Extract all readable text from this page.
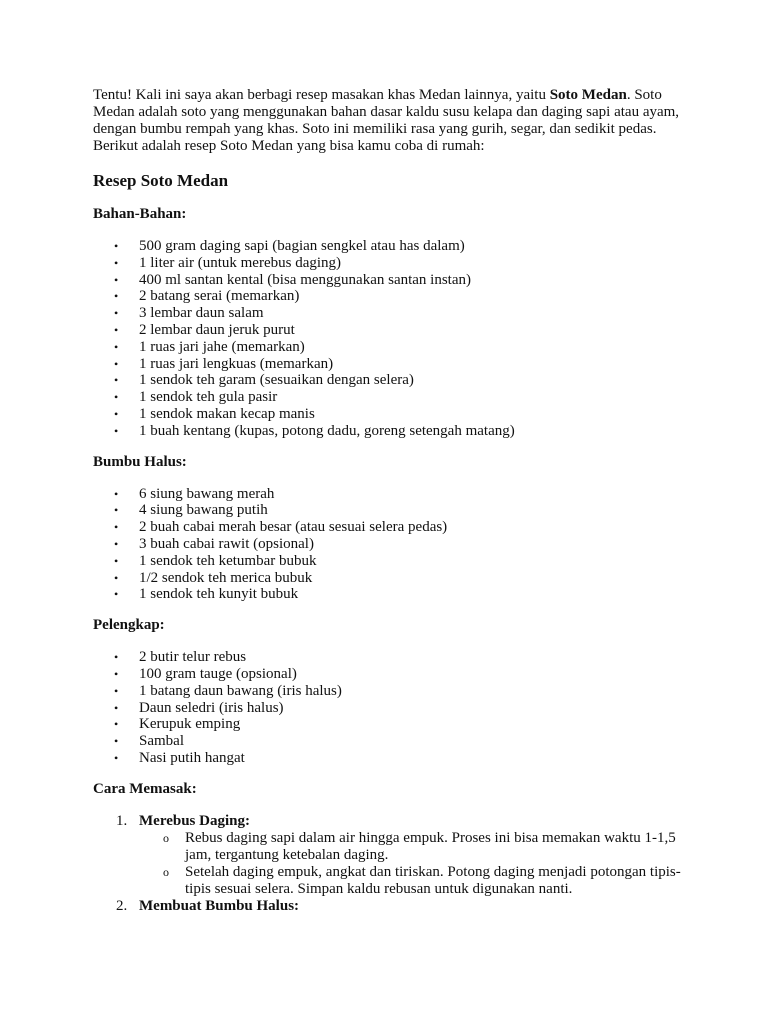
Tentu! Kali ini saya akan berbagi resep masakan khas Medan lainnya, yaitu Soto Medan. Soto Medan adalah soto yang menggunakan bahan dasar kaldu susu kelapa dan daging sapi atau ayam, dengan bumbu rempah yang khas. Soto ini memiliki rasa yang gurih, segar, dan sedikit pedas. Berikut adalah resep Soto Medan yang bisa kamu coba di rumah:

Resep Soto Medan
Bahan-Bahan:
• 500 gram daging sapi (bagian sengkel atau has dalam)
• 1 liter air (untuk merebus daging)
• 400 ml santan kental (bisa menggunakan santan instan)
• 2 batang serai (memarkan)
• 3 lembar daun salam
• 2 lembar daun jeruk purut
• 1 ruas jari jahe (memarkan)
• 1 ruas jari lengkuas (memarkan)
• 1 sendok teh garam (sesuaikan dengan selera)
• 1 sendok teh gula pasir
• 1 sendok makan kecap manis
• 1 buah kentang (kupas, potong dadu, goreng setengah matang)
Bumbu Halus:
• 6 siung bawang merah
• 4 siung bawang putih
• 2 buah cabai merah besar (atau sesuai selera pedas)
• 3 buah cabai rawit (opsional)
• 1 sendok teh ketumbar bubuk
• 1/2 sendok teh merica bubuk
• 1 sendok teh kunyit bubuk
Pelengkap:
• 2 butir telur rebus
• 100 gram tauge (opsional)
• 1 batang daun bawang (iris halus)
• Daun seledri (iris halus)
• Kerupuk emping
• Sambal
• Nasi putih hangat
Cara Memasak:
1. Merebus Daging:
o Rebus daging sapi dalam air hingga empuk. Proses ini bisa memakan waktu 1-1,5 jam, tergantung ketebalan daging.
o Setelah daging empuk, angkat dan tiriskan. Potong daging menjadi potongan tipis-tipis sesuai selera. Simpan kaldu rebusan untuk digunakan nanti.
2. Membuat Bumbu Halus:
